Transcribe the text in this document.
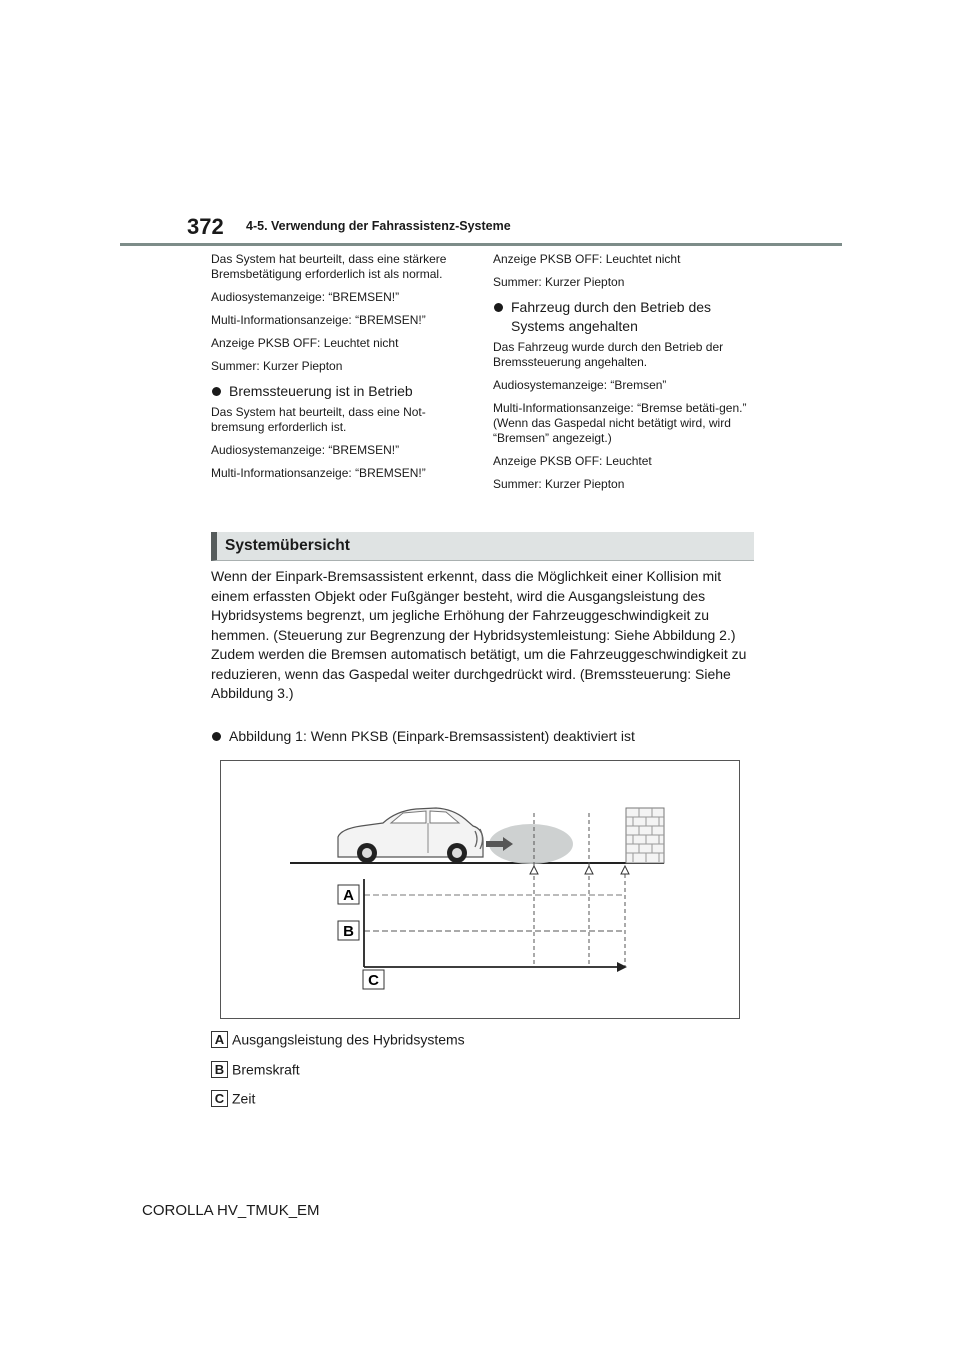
372 4-5. Verwendung der Fahrassistenz-Systeme

Das System hat beurteilt, dass eine stärkere Bremsbetätigung erforderlich ist als normal.

Audiosystemanzeige: “BREMSEN!”

Multi-Informationsanzeige: “BREMSEN!”

Anzeige PKSB OFF: Leuchtet nicht

Summer: Kurzer Piepton

Bremssteuerung ist in Betrieb

Das System hat beurteilt, dass eine Not-bremsung erforderlich ist.

Audiosystemanzeige: “BREMSEN!”

Multi-Informationsanzeige: “BREMSEN!”

Anzeige PKSB OFF: Leuchtet nicht

Summer: Kurzer Piepton

Fahrzeug durch den Betrieb des Systems angehalten

Das Fahrzeug wurde durch den Betrieb der Bremssteuerung angehalten.

Audiosystemanzeige: “Bremsen”

Multi-Informationsanzeige: “Bremse betäti-gen.” (Wenn das Gaspedal nicht betätigt wird, wird “Bremsen” angezeigt.)

Anzeige PKSB OFF: Leuchtet

Summer: Kurzer Piepton

Systemübersicht

Wenn der Einpark-Bremsassistent erkennt, dass die Möglichkeit einer Kollision mit einem erfassten Objekt oder Fußgänger besteht, wird die Ausgangsleistung des Hybridsystems begrenzt, um jegliche Erhöhung der Fahrzeuggeschwindigkeit zu hemmen. (Steuerung zur Begrenzung der Hybridsystemleistung: Siehe Abbildung 2.)

Zudem werden die Bremsen automatisch betätigt, um die Fahrzeuggeschwindigkeit zu reduzieren, wenn das Gaspedal weiter durchgedrückt wird. (Bremssteuerung: Siehe Abbildung 3.)

Abbildung 1: Wenn PKSB (Einpark-Bremsassistent) deaktiviert ist
A
B
C
A Ausgangsleistung des Hybridsystems
B Bremskraft
C Zeit
COROLLA HV_TMUK_EM
